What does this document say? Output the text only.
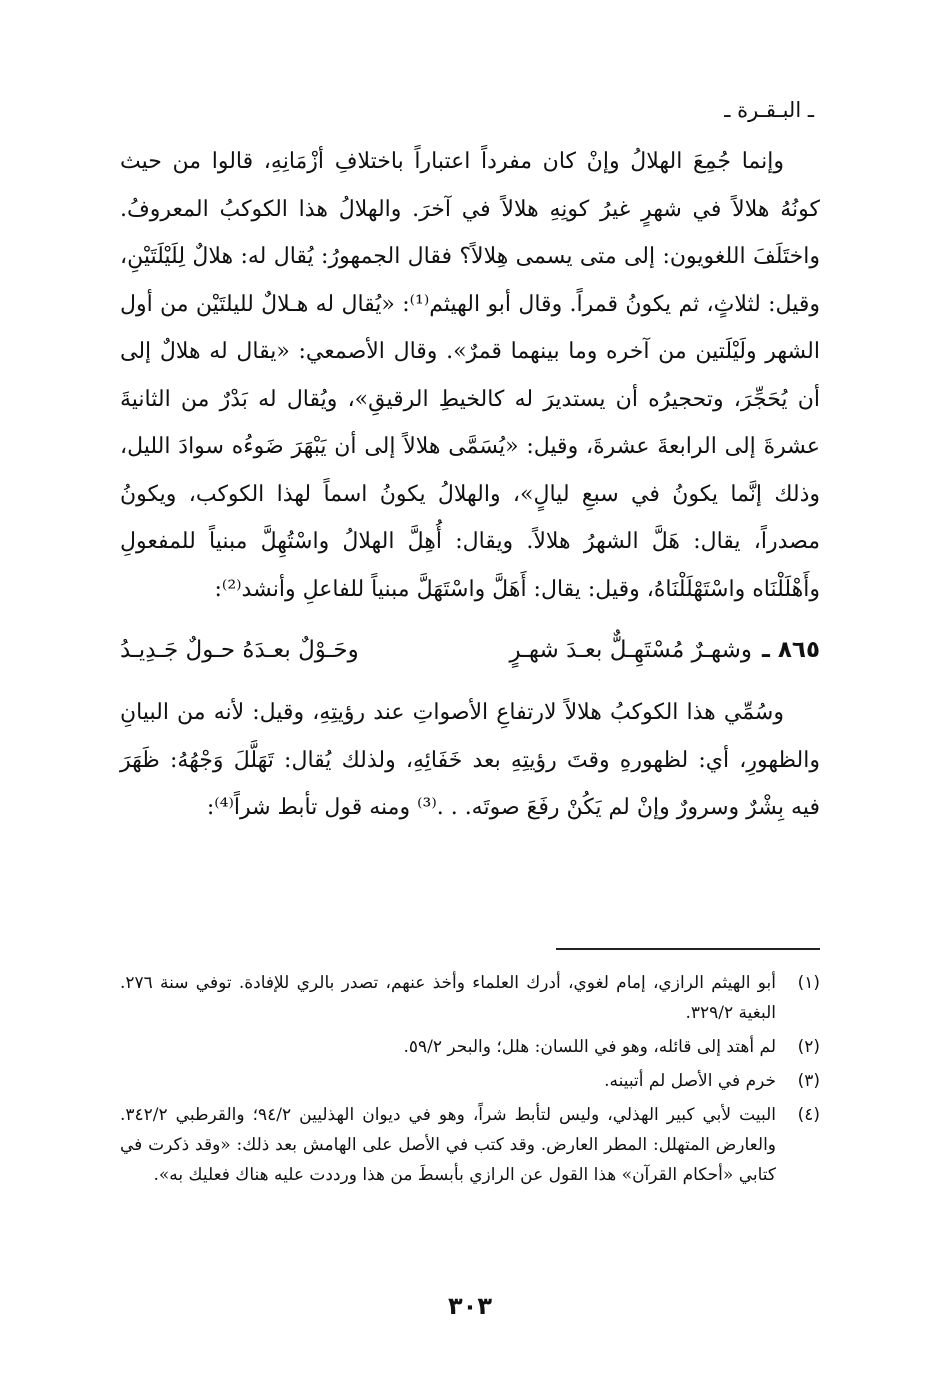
ـ البـقـرة ـ

وإنما جُمِعَ الهلالُ وإنْ كان مفرداً اعتباراً باختلافِ أزْمَانِهِ، قالوا من حيث كونُهُ هلالاً في شهرٍ غيرُ كونِهِ هلالاً في آخرَ. والهلالُ هذا الكوكبُ المعروفُ. واختَلَفَ اللغويون: إلى متى يسمى هِلالاً؟ فقال الجمهورُ: يُقال له: هلالٌ لِلَيْلَتَيْنِ، وقيل: لثلاثٍ، ثم يكونُ قمراً. وقال أبو الهيثم⁽¹⁾: «يُقال له هـلالٌ لليلتَيْن من أول الشهر ولَيْلَتين من آخره وما بينهما قمرٌ». وقال الأصمعي: «يقال له هلالٌ إلى أن يُحَجِّرَ، وتحجيرُه أن يستديرَ له كالخيطِ الرقيقِ»، ويُقال له بَدْرٌ من الثانيةَ عشرةَ إلى الرابعةَ عشرةَ، وقيل: «يُسَمَّى هلالاً إلى أن يَبْهَرَ ضَوءُه سوادَ الليل، وذلك إنَّما يكونُ في سبعِ ليالٍ»، والهلالُ يكونُ اسماً لهذا الكوكب، ويكونُ مصدراً، يقال: هَلَّ الشهرُ هلالاً. ويقال: أُهِلَّ الهلالُ واسْتُهِلَّ مبنياً للمفعولِ وأَهْلَلْنَاه واسْتَهْلَلْنَاهُ، وقيل: يقال: أَهَلَّ واسْتَهَلَّ مبنياً للفاعلِ وأنشد⁽²⁾:

٨٦٥ ـ
وشهـرٌ مُسْتَهِـلٌّ بعـدَ شهـرٍ
وحَـوْلٌ بعـدَهُ حـولٌ جَـدِيـدُ

وسُمِّي هذا الكوكبُ هلالاً لارتفاعِ الأصواتِ عند رؤيتِهِ، وقيل: لأنه من البيانِ والظهورِ، أي: لظهورهِ وقتَ رؤيتِهِ بعد خَفَائِهِ، ولذلك يُقال: تَهَلَّلَ وَجْهُهُ: ظَهَرَ فيه بِشْرٌ وسرورٌ وإنْ لم يَكُنْ رفَعَ صوتَه. . .⁽³⁾ ومنه قول تأبط شراً⁽⁴⁾:

(١)
أبو الهيثم الرازي، إمام لغوي، أدرك العلماء وأخذ عنهم، تصدر بالري للإفادة. توفي سنة ٢٧٦. البغية ٣٢٩/٢.
(٢)
لم أهتد إلى قائله، وهو في اللسان: هلل؛ والبحر ٥٩/٢.
(٣)
خرم في الأصل لم أتبينه.
(٤)
البيت لأبي كبير الهذلي، وليس لتأبط شراً، وهو في ديوان الهذليين ٩٤/٢؛ والقرطبي ٣٤٢/٢. والعارض المتهلل: المطر العارض. وقد كتب في الأصل على الهامش بعد ذلك: «وقد ذكرت في كتابي «أحكام القرآن» هذا القول عن الرازي بأبسطَ من هذا ورددت عليه هناك فعليك به».
٣٠٣
